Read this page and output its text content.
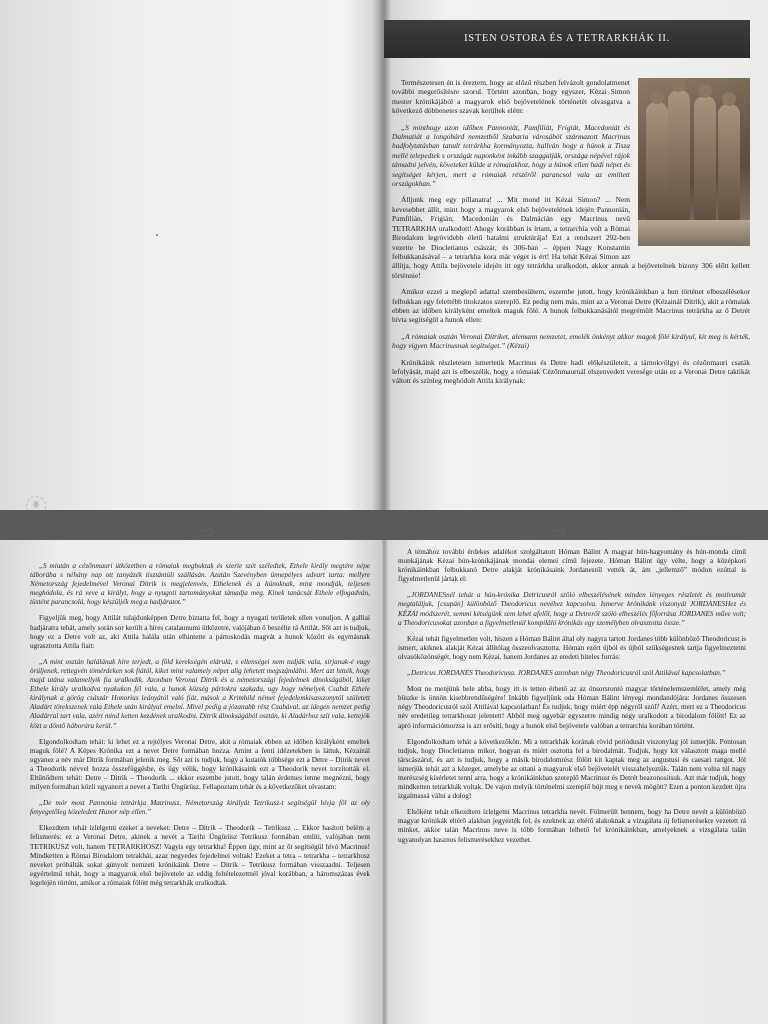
ISTEN OSTORA ÉS A TETRARKHÁK II.

Természetesen én is éreztem, hogy az előző részben felvázolt gondolatmenet további megerősítésre szorul. Történt azonban, hogy egyszer, Kézai Simon mester krónikájából a magyarok első bejövetelének történetét olvasgatva a következő döbbenetes szavak kerültek elém:

„S minthogy azon időben Pannoniát, Pamfiliát, Frigiát, Macedoniát és Dalmatiát a longobárd nemzetből Szabaria városából származott Macrinus hadfolytatásban tanult tetrárkha kormányozta, hallván hogy a húnok a Tisza mellé telepedtek s országát naponként inkább szaggatják, országa népével rájok támadni jelvén, követeket külde a rómaiakhoz, hogy a húnok ellen hadi népet és segítséget kérjen, mert a rómaiak részéről parancsol vala az említett országokban.”

Álljunk meg egy pillanatra! ... Mit mond itt Kézai Simon? ... Nem kevesebbet állít, mint hogy a magyarok első bejövetelének idején Pannonián, Pamfilián, Frigián, Macedonián és Dalmácián egy Macrinus nevű TETRARKHA uralkodott! Ahogy korábban is írtam, a tetrarchia volt a Római Birodalom legrövidebb életű hatalmi struktúrája! Ezt a rendszert 292-ben vezette be Diocletianus császár, és 306-ban – éppen Nagy Konstantin felbukkanásával – a tetrarkha kora már véget is ért! Ha tehát Kézai Simon azt állítja, hogy Attila bejövetele idején itt egy tetrárkha uralkodott, akkor annak a bejövetelnek bizony 306 előtt kellett történnie!

Amikor ezzel a meglepő adattal szembesültem, eszembe jutott, hogy krónikáinkban a hun történet elbeszélésekor felbukkan egy felettébb titokzatos szereplő. Ez pedig nem más, mint az a Veronai Detre (Kézainál Ditrik), akit a rómaiak ebben az időben királyként emeltek maguk fölé. A hunok felbukkanásától megrémült Macrinus tetrárkha az ő Detrét hívta segítségül a hunok ellen:

„A rómaiak osztán Veronai Ditriket, alemann nemzetet, emelék önkényt akkor magok fölé királyul, kit meg is kérték, hogy vigyen Macrinusnak segítséget.” (Kézai)

Krónikáink részletesen ismertetik Macrinus és Detre hadi előkészületeit, a tárnokvölgyi és cézőnmauri csaták lefolyását, majd azt is elbeszélik, hogy a rómaiak Cézőnmaurnál elszenvedett veresége után ez a Veronai Detre taktikát váltott és színleg meghódolt Attila királynak:

✺
222	223

„S miután a cézőnmauri ütközetben a rómaiak megbuktak és szerte szét széledtek, Ethele király megtére népe táborába s néhány nap ott tanyázék tisztántúli szállásán. Azután Szevényben ünnepélyes udvart tarta: mellyre Németország fejedelmével Veronai Ditrik is megjelenvén, Ethelenek és a húnoknak, mint mondják, teljesen meghódola, és rá veve a királyt, hogy a nyugoti tartományokat támadja meg. Kinek tanácsát Ethele elfogadván, tüstént parancsolá, hogy készüljék meg a hadjáratot.”

Figyeljük meg, hogy Attilát tulajdonképpen Detre biztatta fel, hogy a nyugati területek ellen vonuljon. A galliai hadjáratra tehát, amely során sor került a híres catalaunumi ütközetre, valójában ő beszélte rá Attilát. Sőt azt is tudjuk, hogy ez a Detre volt az, aki Attila halála után elhintette a pártoskodás magvát a hunok között és egymásnak ugrasztotta Attila fiait:

„A mint osztán halálának híre terjedt, a föld kerekségén elárulá, s ellenségei nem tudják vala, sírjanak-é vagy örüljenek, rettegvén tömérdeken sok fiától, kiket mint valamely népet alig lehetett megszámlálni. Mert azt hitték, hogy majd utána valamellyik fia uralkodik. Azonban Veronai Ditrik és a németországi fejedelmek álnokságából, kiket Ethele király uralkodva nyakukon fél vala, a hunok község pártokra szakadu, ugy hogy némelyek Csabát Ethele királynak a görög császár Honorius leányától való fiát, mások a Krimhild német fejedelemkisasszonytól született Aladárt törekszenek vala Ethele után királyul emelni. Mivel pedig a józanabb rész Csabával, az idegen nemzet pedig Aladárral tart vala, azért mind ketten kezdének uralkodni. Ditrik álnokságából osztán, ki Aladárhoz szít vala, kettejök közt a döntő háborúra kerül.”

Elgondolkodtam tehát: ki lehet ez a rejtélyes Veronai Detre, akit a rómaiak ebben az időben királyként emeltek maguk fölé? A Képes Krónika ezt a nevet Detre formában hozza. Amint a fenti idézetekben is láttuk, Kézainál ugyanez a név már Ditrik formában jelenik meg. Sőt azt is tudjuk, hogy a kutatók többsége ezt a Detre – Ditrik nevet a Theodorik névvel hozza összefüggésbe, és úgy vélik, hogy krónikásaink ezt a Theodorik nevet torzították el. Eltűnődtem tehát: Detre – Ditrik – Theodorik ... ekkor eszembe jutott, hogy talán érdemes lenne megnézni, hogy milyen formában közli ugyanezt a nevet a Tarihi Üngürüsz. Fellapoztam tehát és a következőket olvastam:

„De mór most Pannonia tetrárkja Matrinusz, Németország királyát Tetrikusz-t segítségül hívja fől az oly fenyegetőleg közeledett Hunor nép ellen.”

Elkezdtem tehát ízlelgetni ezeket a neveket: Detre – Ditrik – Theodorik – Tetrikusz ... Ekkor hasított belém a felismerés: ez a Veronai Detre, akinek a nevét a Tarihi Üngürüsz Tetrikusz formában említi, valójában nem TETRIKUSZ volt, hanem TETRARKHOSZ! Vagyis egy tetrarkha! Éppen úgy, mint az őt segítségül hívó Macrinus! Mindketten a Római Birodalom tetrakhái, azaz negyedes fejedelmei voltak! Ezeket a tetra – tetrarkha – tetrarkhosz neveket próbálták sokat gúnyolt nemzeti krónikáink Detre – Ditrik – Tetrikusz formában visszaadni. Teljesen egyértelmű tehát, hogy a magyarok első bejövetele az eddig feltételezettnél jóval korábban, a háromszázas évek legelején történt, amikor a rómaiak fölött még tetrarkhák uralkodtak.

A témához további érdekes adalékot szolgáltatott Hóman Bálint A magyar hún-hagyomány és hún-monda című munkájának Kézai hún-krónikájának mondai elemei című fejezete. Hóman Bálint úgy vélte, hogy a középkori krónikáinkban felbukkanó Detre alakját krónikásaink Jordanestől vették át, ám „jellemző” módon ezúttal is figyelmetlenül jártak el:

„JORDANESnél tehát a hún-krónika Detricusról szóló elbeszélésének minden lényeges részletét és motívumát megtaláljuk, [csupán] különböző Theodoricus nevéhez kapcsolva. Ismerve krónikánk viszonyát JORDANESHez és KÉZAI módszerét, semmi kétségünk sem lehet afelől, hogy a Detreről szóló elbeszélés főforrása JORDANES műve volt; a Theodoricusokat azonban a figyelmetlenül kompiláló krónikás egy személyben olvasztotta össze.”

Kézai tehát figyelmetlen volt, hiszen a Hóman Bálint által oly nagyra tartott Jordanes több különböző Theodoricust is ismert, akiknek alakját Kézai állítólag összeolvasztotta. Hóman ezért újból és újból szükségesnek tartja figyelmeztetni olvasóközönségét, hogy nem Kézai, hanem Jordanes az eredeti hiteles forrás:

„Detricus JORDANES Theodoricusa. JORDANES azonban négy Theodoricusról szól Attilával kapcsolatban.”

Most ne menjünk bele abba, hogy itt is tetten érhető az az önsorsrontó magyar történelemszemlélet, amely még büszke is önnön kisebbrendűségére! Inkább figyeljünk oda Hóman Bálint lényegi mondandójára: Jordanes összesen négy Theodoricusról szól Attilával kapcsolatban! És tudjuk, hogy miért épp négyről szól? Azért, mert ez a Theodoricus név eredetileg tetrarkhoszt jelentett! Abból meg ugyebár egyszerre mindig négy uralkodott a birodalom fölött! Ez az apró információmorzsa is azt erősíti, hogy a hunok első bejövetele valóban a tetrarchia korában történt.

Elgondolkodtam tehát a következőkön. Mi a tetrarkhák korának rövid periódusát viszonylag jól ismerjük. Pontosan tudjuk, hogy Diocletianus mikor, hogyan és miért osztotta fel a birodalmát. Tudjuk, hogy kit választott maga mellé társcászárul, és azt is tudjuk, hogy a másik birodalomrész fölött kit kaptak meg az augustusi és caesari rangot. Jól ismerjük tehát azt a közeget, amelybe az ottani a magyarok első bejövetelét visszahelyeztük. Talán nem volna túl nagy merészség kísérletet tenni arra, hogy a krónikáinkban szereplő Macrinust és Detrét beazonosítsuk. Azt már tudjuk, hogy mindketten tetrarkhák voltak. De vajon melyik történelmi szereplő bújt meg e nevek mögött? Ezen a ponton kezdett újra izgalmassá válni a dolog!

Elsőként tehát elkezdtem ízlelgetni Macrinus tetrarkha nevét. Fölmerült bennem, hogy ha Detre nevét a különböző magyar krónikák eltérő alakban jegyezték fel, és ezeknek az eltérő alakoknak a vizsgálata új felismerésekre vezetett rá minket, akkor talán Macrinus neve is több formában lelhető fel krónikáinkban, amelyeknek a vizsgálata talán ugyanolyan hasznos felismerésekhez vezethet.
